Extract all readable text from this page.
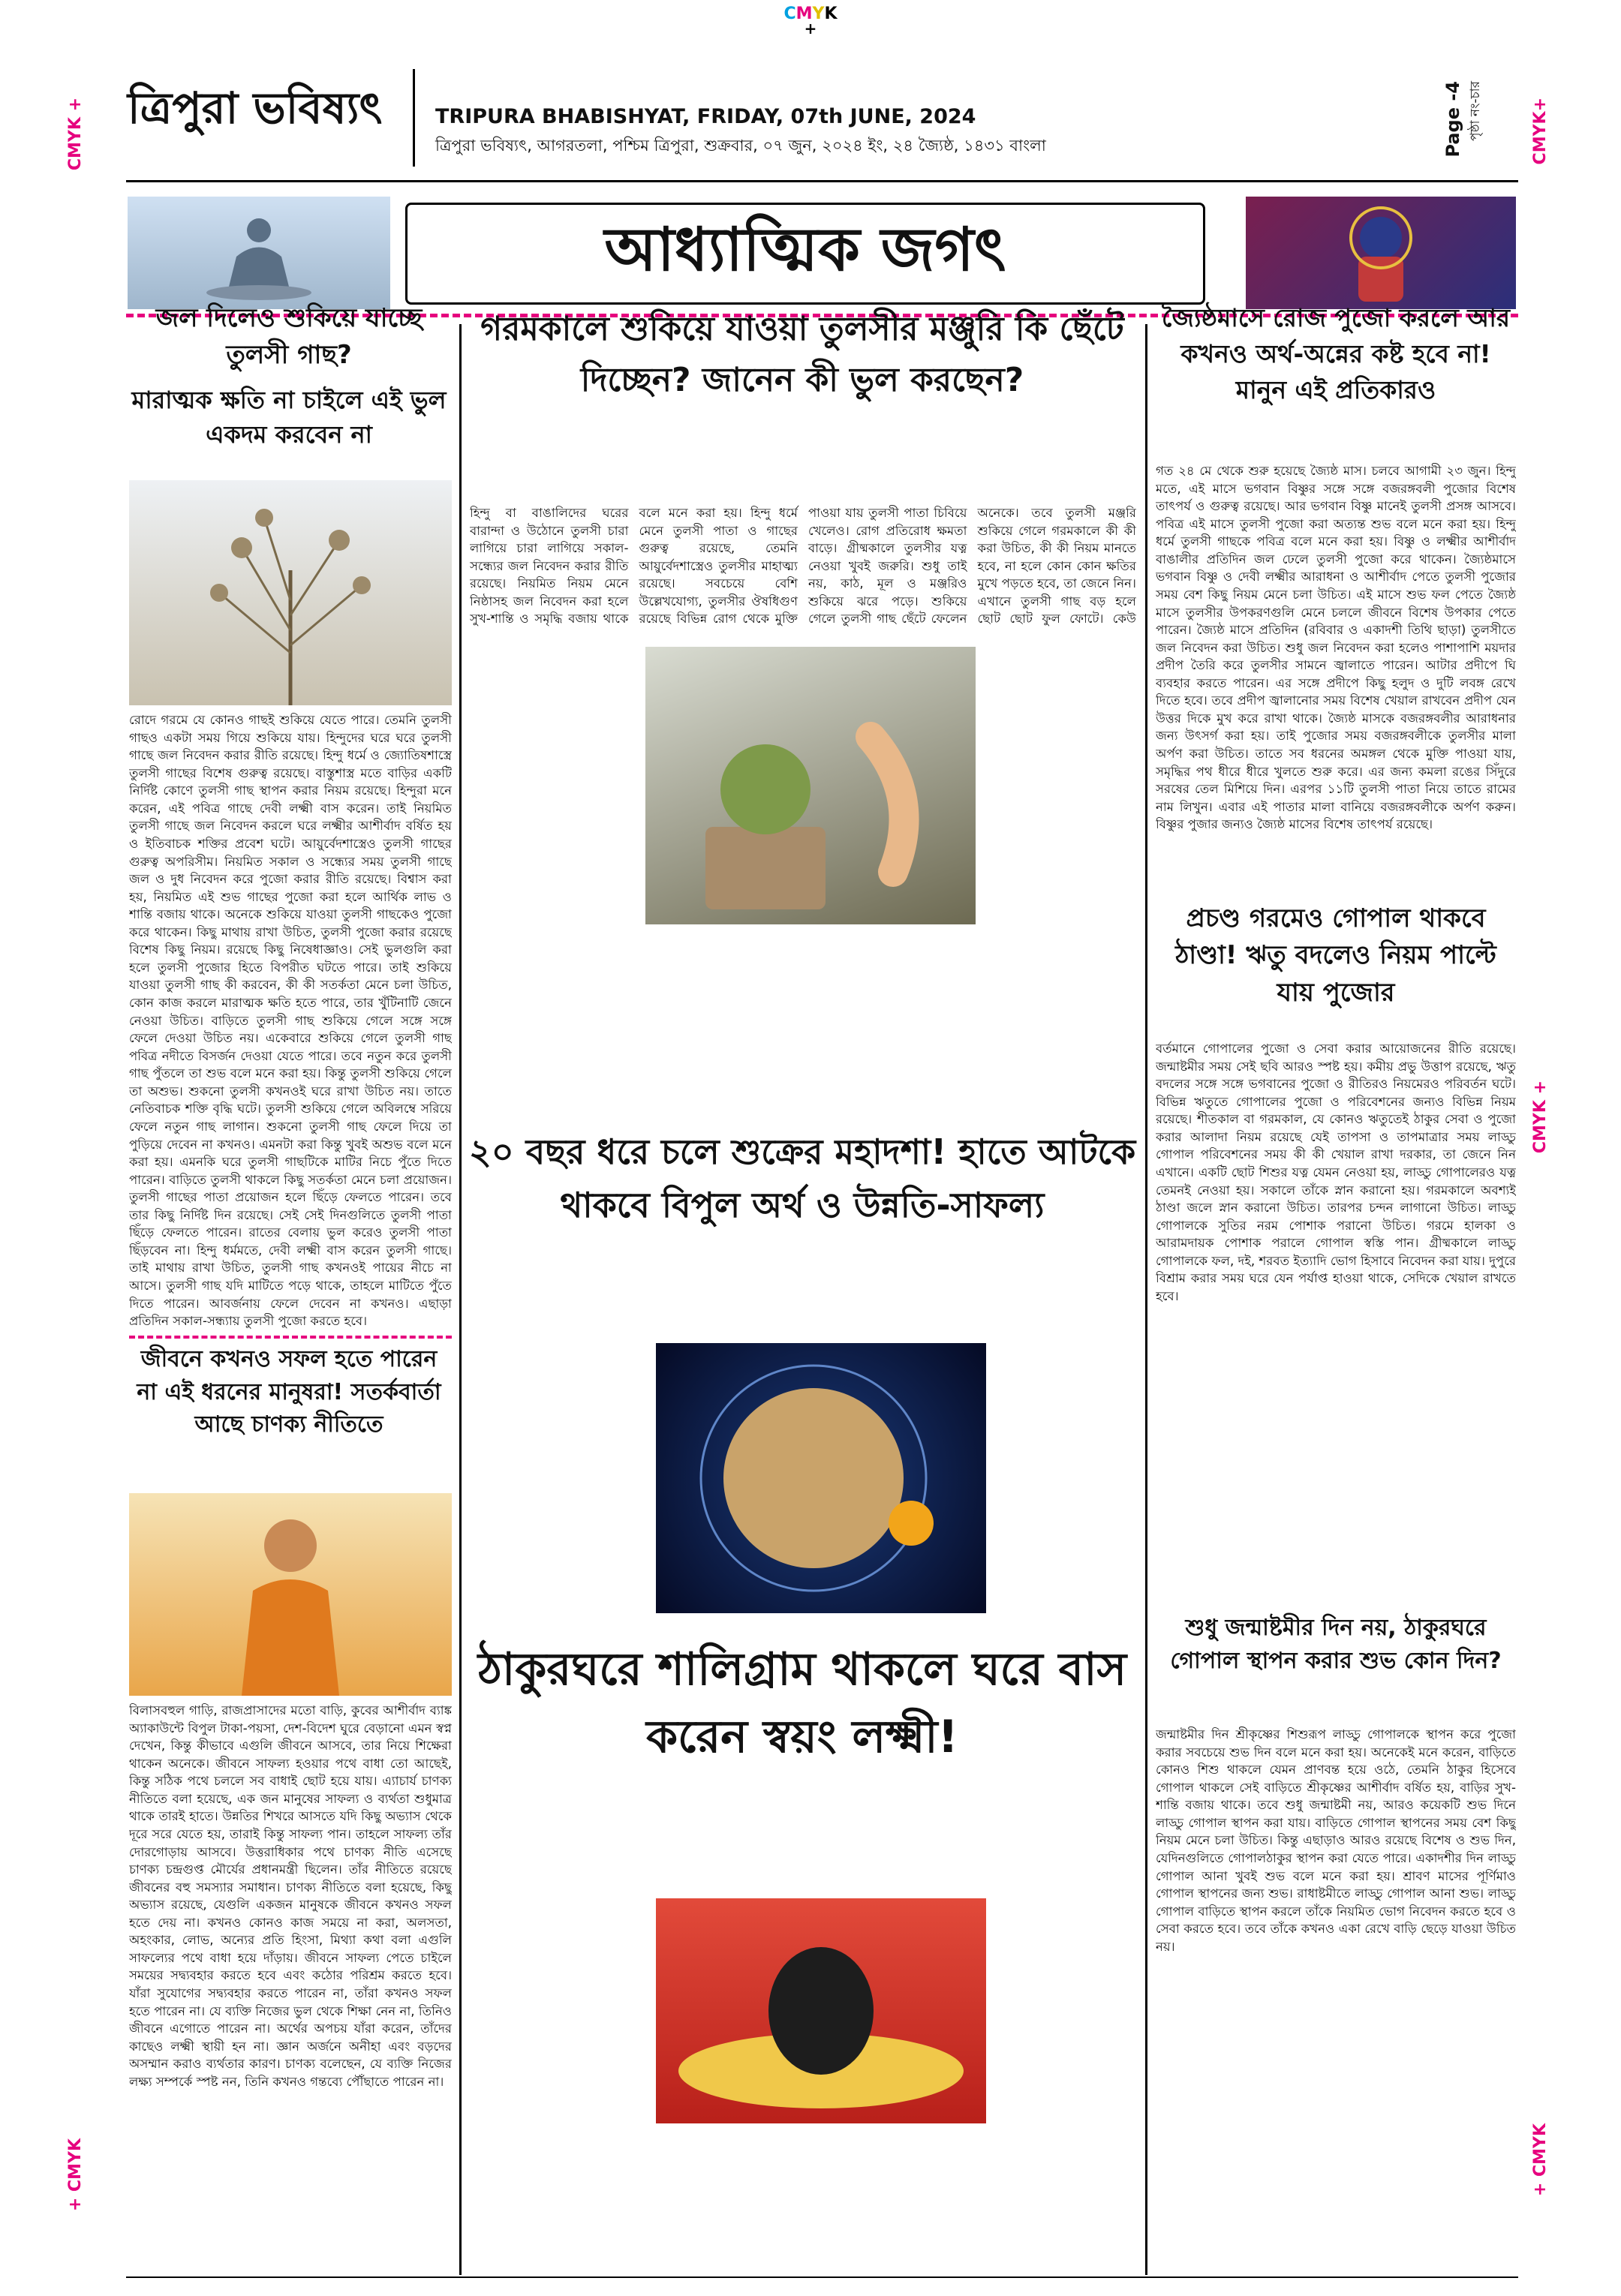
CMYK
+
CMYK +
+ CMYK
CMYK+
CMYK +
+ CMYK
ত্রিপুরা ভবিষ্যৎ	TRIPURA BHABISHYAT, FRIDAY, 07th JUNE, 2024
ত্রিপুরা ভবিষ্যৎ, আগরতলা, পশ্চিম ত্রিপুরা, শুক্রবার, ০৭ জুন, ২০২৪ ইং, ২৪ জ্যৈষ্ঠ, ১৪৩১ বাংলা	Page -4 পৃষ্ঠা নং-চার
আধ্যাত্মিক জগৎ
জল দিলেও শুকিয়ে যাচ্ছে তুলসী গাছ?
মারাত্মক ক্ষতি না চাইলে এই ভুল একদম করবেন না

রোদে গরমে যে কোনও গাছই শুকিয়ে যেতে পারে। তেমনি তুলসী গাছও একটা সময় গিয়ে শুকিয়ে যায়। হিন্দুদের ঘরে ঘরে তুলসী গাছে জল নিবেদন করার রীতি রয়েছে। হিন্দু ধর্মে ও জ্যোতিষশাস্ত্রে তুলসী গাছের বিশেষ গুরুত্ব রয়েছে। বাস্তুশাস্ত্র মতে বাড়ির একটি নির্দিষ্ট কোণে তুলসী গাছ স্থাপন করার নিয়ম রয়েছে। হিন্দুরা মনে করেন, এই পবিত্র গাছে দেবী লক্ষ্মী বাস করেন। তাই নিয়মিত তুলসী গাছে জল নিবেদন করলে ঘরে লক্ষ্মীর আশীর্বাদ বর্ষিত হয় ও ইতিবাচক শক্তির প্রবেশ ঘটে। আয়ুর্বেদশাস্ত্রেও তুলসী গাছের গুরুত্ব অপরিসীম। নিয়মিত সকাল ও সন্ধ্যের সময় তুলসী গাছে জল ও দুধ নিবেদন করে পুজো করার রীতি রয়েছে। বিশ্বাস করা হয়, নিয়মিত এই শুভ গাছের পুজো করা হলে আর্থিক লাভ ও শান্তি বজায় থাকে। অনেকে শুকিয়ে যাওয়া তুলসী গাছকেও পুজো করে থাকেন। কিছু মাথায় রাখা উচিত, তুলসী পুজো করার রয়েছে বিশেষ কিছু নিয়ম। রয়েছে কিছু নিষেধাজ্ঞাও। সেই ভুলগুলি করা হলে তুলসী পুজোর হিতে বিপরীত ঘটতে পারে। তাই শুকিয়ে যাওয়া তুলসী গাছ কী করবেন, কী কী সতর্কতা মেনে চলা উচিত, কোন কাজ করলে মারাত্মক ক্ষতি হতে পারে, তার খুঁটিনাটি জেনে নেওয়া উচিত। বাড়িতে তুলসী গাছ শুকিয়ে গেলে সঙ্গে সঙ্গে ফেলে দেওয়া উচিত নয়। একেবারে শুকিয়ে গেলে তুলসী গাছ পবিত্র নদীতে বিসর্জন দেওয়া যেতে পারে। তবে নতুন করে তুলসী গাছ পুঁতলে তা শুভ বলে মনে করা হয়। কিন্তু তুলসী শুকিয়ে গেলে তা অশুভ। শুকনো তুলসী কখনওই ঘরে রাখা উচিত নয়। তাতে নেতিবাচক শক্তি বৃদ্ধি ঘটে। তুলসী শুকিয়ে গেলে অবিলম্বে সরিয়ে ফেলে নতুন গাছ লাগান। শুকনো তুলসী গাছ ফেলে দিয়ে তা পুড়িয়ে দেবেন না কখনও। এমনটা করা কিন্তু খুবই অশুভ বলে মনে করা হয়। এমনকি ঘরে তুলসী গাছটিকে মাটির নিচে পুঁতে দিতে পারেন। বাড়িতে তুলসী থাকলে কিছু সতর্কতা মেনে চলা প্রয়োজন। তুলসী গাছের পাতা প্রয়োজন হলে ছিঁড়ে ফেলতে পারেন। তবে তার কিছু নির্দিষ্ট দিন রয়েছে। সেই সেই দিনগুলিতে তুলসী পাতা ছিঁড়ে ফেলতে পারেন। রাতের বেলায় ভুল করেও তুলসী পাতা ছিঁড়বেন না। হিন্দু ধর্মমতে, দেবী লক্ষ্মী বাস করেন তুলসী গাছে। তাই মাথায় রাখা উচিত, তুলসী গাছ কখনওই পায়ের নীচে না আসে। তুলসী গাছ যদি মাটিতে পড়ে থাকে, তাহলে মাটিতে পুঁতে দিতে পারেন। আবর্জনায় ফেলে দেবেন না কখনও। এছাড়া প্রতিদিন সকাল-সন্ধ্যায় তুলসী পুজো করতে হবে।

জীবনে কখনও সফল হতে পারেন না এই ধরনের মানুষরা! সতর্কবার্তা আছে চাণক্য নীতিতে

বিলাসবহুল গাড়ি, রাজপ্রাসাদের মতো বাড়ি, কুবের আশীর্বাদ ব্যাঙ্ক অ্যাকাউন্টে বিপুল টাকা-পয়সা, দেশ-বিদেশ ঘুরে বেড়ানো এমন স্বপ্ন দেখেন, কিন্তু কীভাবে এগুলি জীবনে আসবে, তার নিয়ে শিক্ষেরা থাকেন অনেকে। জীবনে সাফল্য হওয়ার পথে বাধা তো আছেই, কিন্তু সঠিক পথে চললে সব বাধাই ছোট হয়ে যায়। এ্যাচার্য চাণক্য নীতিতে বলা হয়েছে, এক জন মানুষের সাফল্য ও ব্যর্থতা শুধুমাত্র থাকে তারই হাতে। উন্নতির শিখরে আসতে যদি কিছু অভ্যাস থেকে দূরে সরে যেতে হয়, তারাই কিন্তু সাফল্য পান। তাহলে সাফল্য তাঁর দোরগোড়ায় আসবে। উত্তরাধিকার পথে চাণক্য নীতি এসেছে চাণক্য চন্দ্রগুপ্ত মৌর্যের প্রধানমন্ত্রী ছিলেন। তাঁর নীতিতে রয়েছে জীবনের বহু সমস্যার সমাধান। চাণক্য নীতিতে বলা হয়েছে, কিছু অভ্যাস রয়েছে, যেগুলি একজন মানুষকে জীবনে কখনও সফল হতে দেয় না। কখনও কোনও কাজ সময়ে না করা, অলসতা, অহংকার, লোভ, অন্যের প্রতি হিংসা, মিথ্যা কথা বলা এগুলি সাফল্যের পথে বাধা হয়ে দাঁড়ায়। জীবনে সাফল্য পেতে চাইলে সময়ের সদ্ব্যবহার করতে হবে এবং কঠোর পরিশ্রম করতে হবে। যাঁরা সুযোগের সদ্ব্যবহার করতে পারেন না, তাঁরা কখনও সফল হতে পারেন না। যে ব্যক্তি নিজের ভুল থেকে শিক্ষা নেন না, তিনিও জীবনে এগোতে পারেন না। অর্থের অপচয় যাঁরা করেন, তাঁদের কাছেও লক্ষ্মী স্থায়ী হন না। জ্ঞান অর্জনে অনীহা এবং বড়দের অসম্মান করাও ব্যর্থতার কারণ। চাণক্য বলেছেন, যে ব্যক্তি নিজের লক্ষ্য সম্পর্কে স্পষ্ট নন, তিনি কখনও গন্তব্যে পৌঁছাতে পারেন না।

গরমকালে শুকিয়ে যাওয়া তুলসীর মঞ্জুরি কি ছেঁটে দিচ্ছেন? জানেন কী ভুল করছেন?

হিন্দু বা বাঙালিদের ঘরের বারান্দা ও উঠোনে তুলসী চারা লাগিয়ে চারা লাগিয়ে সকাল-সন্ধ্যের জল নিবেদন করার রীতি রয়েছে। নিয়মিত নিয়ম মেনে নিষ্ঠাসহ জল নিবেদন করা হলে সুখ-শান্তি ও সমৃদ্ধি বজায় থাকে বলে মনে করা হয়। হিন্দু ধর্মে মেনে তুলসী পাতা ও গাছের গুরুত্ব রয়েছে, তেমনি আয়ুর্বেদশাস্ত্রেও তুলসীর মাহাত্ম্য রয়েছে। সবচেয়ে বেশি উল্লেখযোগ্য, তুলসীর ঔষধিগুণ রয়েছে বিভিন্ন রোগ থেকে মুক্তি পাওয়া যায় তুলসী পাতা চিবিয়ে খেলেও। রোগ প্রতিরোধ ক্ষমতা বাড়ে। গ্রীষ্মকালে তুলসীর যত্ন নেওয়া খুবই জরুরি। শুধু তাই নয়, কাঠ, মূল ও মঞ্জরিও শুকিয়ে ঝরে পড়ে। শুকিয়ে গেলে তুলসী গাছ ছেঁটে ফেলেন অনেকে। তবে তুলসী মঞ্জরি শুকিয়ে গেলে গরমকালে কী কী করা উচিত, কী কী নিয়ম মানতে হবে, না হলে কোন কোন ক্ষতির মুখে পড়তে হবে, তা জেনে নিন। এখানে তুলসী গাছ বড় হলে ছোট ছোট ফুল ফোটে। কেউ

২০ বছর ধরে চলে শুক্রের মহাদশা! হাতে আটকে থাকবে বিপুল অর্থ ও উন্নতি-সাফল্য
ঠাকুরঘরে শালিগ্রাম থাকলে ঘরে বাস করেন স্বয়ং লক্ষ্মী!
জ্যৈষ্ঠমাসে রোজ পুজো করলে আর কখনও অর্থ-অন্নের কষ্ট হবে না! মানুন এই প্রতিকারও

গত ২৪ মে থেকে শুরু হয়েছে জ্যৈষ্ঠ মাস। চলবে আগামী ২৩ জুন। হিন্দু মতে, এই মাসে ভগবান বিষ্ণুর সঙ্গে সঙ্গে বজরঙ্গবলী পুজোর বিশেষ তাৎপর্য ও গুরুত্ব রয়েছে। আর ভগবান বিষ্ণু মানেই তুলসী প্রসঙ্গ আসবে। পবিত্র এই মাসে তুলসী পুজো করা অত্যন্ত শুভ বলে মনে করা হয়। হিন্দু ধর্মে তুলসী গাছকে পবিত্র বলে মনে করা হয়। বিষ্ণু ও লক্ষ্মীর আশীর্বাদ বাঙালীর প্রতিদিন জল ঢেলে তুলসী পুজো করে থাকেন। জ্যৈষ্ঠমাসে ভগবান বিষ্ণু ও দেবী লক্ষ্মীর আরাধনা ও আশীর্বাদ পেতে তুলসী পুজোর সময় বেশ কিছু নিয়ম মেনে চলা উচিত। এই মাসে শুভ ফল পেতে জ্যৈষ্ঠ মাসে তুলসীর উপকরণগুলি মেনে চললে জীবনে বিশেষ উপকার পেতে পারেন। জ্যৈষ্ঠ মাসে প্রতিদিন (রবিবার ও একাদশী তিথি ছাড়া) তুলসীতে জল নিবেদন করা উচিত। শুধু জল নিবেদন করা হলেও পাশাপাশি ময়দার প্রদীপ তৈরি করে তুলসীর সামনে জ্বালাতে পারেন। আটার প্রদীপে ঘি ব্যবহার করতে পারেন। এর সঙ্গে প্রদীপে কিছু হলুদ ও দুটি লবঙ্গ রেখে দিতে হবে। তবে প্রদীপ জ্বালানোর সময় বিশেষ খেয়াল রাখবেন প্রদীপ যেন উত্তর দিকে মুখ করে রাখা থাকে। জ্যৈষ্ঠ মাসকে বজরঙ্গবলীর আরাধনার জন্য উৎসর্গ করা হয়। তাই পুজোর সময় বজরঙ্গবলীকে তুলসীর মালা অর্পণ করা উচিত। তাতে সব ধরনের অমঙ্গল থেকে মুক্তি পাওয়া যায়, সমৃদ্ধির পথ ধীরে ধীরে খুলতে শুরু করে। এর জন্য কমলা রঙের সিঁদুরে সরষের তেল মিশিয়ে দিন। এরপর ১১টি তুলসী পাতা নিয়ে তাতে রামের নাম লিখুন। এবার এই পাতার মালা বানিয়ে বজরঙ্গবলীকে অর্পণ করুন। বিষ্ণুর পুজার জন্যও জ্যৈষ্ঠ মাসের বিশেষ তাৎপর্য রয়েছে।

প্রচণ্ড গরমেও গোপাল থাকবে ঠাণ্ডা! ঋতু বদলেও নিয়ম পাল্টে যায় পুজোর

বর্তমানে গোপালের পুজো ও সেবা করার আয়োজনের রীতি রয়েছে। জন্মাষ্টমীর সময় সেই ছবি আরও স্পষ্ট হয়। কমীয় প্রভু উত্তাপ রয়েছে, ঋতু বদলের সঙ্গে সঙ্গে ভগবানের পুজো ও রীতিরও নিয়মেরও পরিবর্তন ঘটে। বিভিন্ন ঋতুতে গোপালের পুজো ও পরিবেশনের জন্যও বিভিন্ন নিয়ম রয়েছে। শীতকাল বা গরমকাল, যে কোনও ঋতুতেই ঠাকুর সেবা ও পুজো করার আলাদা নিয়ম রয়েছে যেই তাপসা ও তাপমাত্রার সময় লাড্ডু গোপাল পরিবেশনের সময় কী কী খেয়াল রাখা দরকার, তা জেনে নিন এখানে। একটি ছোট শিশুর যত্ন যেমন নেওয়া হয়, লাড্ডু গোপালেরও যত্ন তেমনই নেওয়া হয়। সকালে তাঁকে স্নান করানো হয়। গরমকালে অবশ্যই ঠাণ্ডা জলে স্নান করানো উচিত। তারপর চন্দন লাগানো উচিত। লাড্ডু গোপালকে সুতির নরম পোশাক পরানো উচিত। গরমে হালকা ও আরামদায়ক পোশাক পরালে গোপাল স্বস্তি পান। গ্রীষ্মকালে লাড্ডু গোপালকে ফল, দই, শরবত ইত্যাদি ভোগ হিসাবে নিবেদন করা যায়। দুপুরে বিশ্রাম করার সময় ঘরে যেন পর্যাপ্ত হাওয়া থাকে, সেদিকে খেয়াল রাখতে হবে।

শুধু জন্মাষ্টমীর দিন নয়, ঠাকুরঘরে গোপাল স্থাপন করার শুভ কোন দিন?

জন্মাষ্টমীর দিন শ্রীকৃষ্ণের শিশুরূপ লাড্ডু গোপালকে স্থাপন করে পুজো করার সবচেয়ে শুভ দিন বলে মনে করা হয়। অনেকেই মনে করেন, বাড়িতে কোনও শিশু থাকলে যেমন প্রাণবন্ত হয়ে ওঠে, তেমনি ঠাকুর হিসেবে গোপাল থাকলে সেই বাড়িতে শ্রীকৃষ্ণের আশীর্বাদ বর্ষিত হয়, বাড়ির সুখ-শান্তি বজায় থাকে। তবে শুধু জন্মাষ্টমী নয়, আরও কয়েকটি শুভ দিনে লাড্ডু গোপাল স্থাপন করা যায়। বাড়িতে গোপাল স্থাপনের সময় বেশ কিছু নিয়ম মেনে চলা উচিত। কিন্তু এছাড়াও আরও রয়েছে বিশেষ ও শুভ দিন, যেদিনগুলিতে গোপালঠাকুর স্থাপন করা যেতে পারে। একাদশীর দিন লাড্ডু গোপাল আনা খুবই শুভ বলে মনে করা হয়। শ্রাবণ মাসের পূর্ণিমাও গোপাল স্থাপনের জন্য শুভ। রাধাষ্টমীতে লাড্ডু গোপাল আনা শুভ। লাড্ডু গোপাল বাড়িতে স্থাপন করলে তাঁকে নিয়মিত ভোগ নিবেদন করতে হবে ও সেবা করতে হবে। তবে তাঁকে কখনও একা রেখে বাড়ি ছেড়ে যাওয়া উচিত নয়।
